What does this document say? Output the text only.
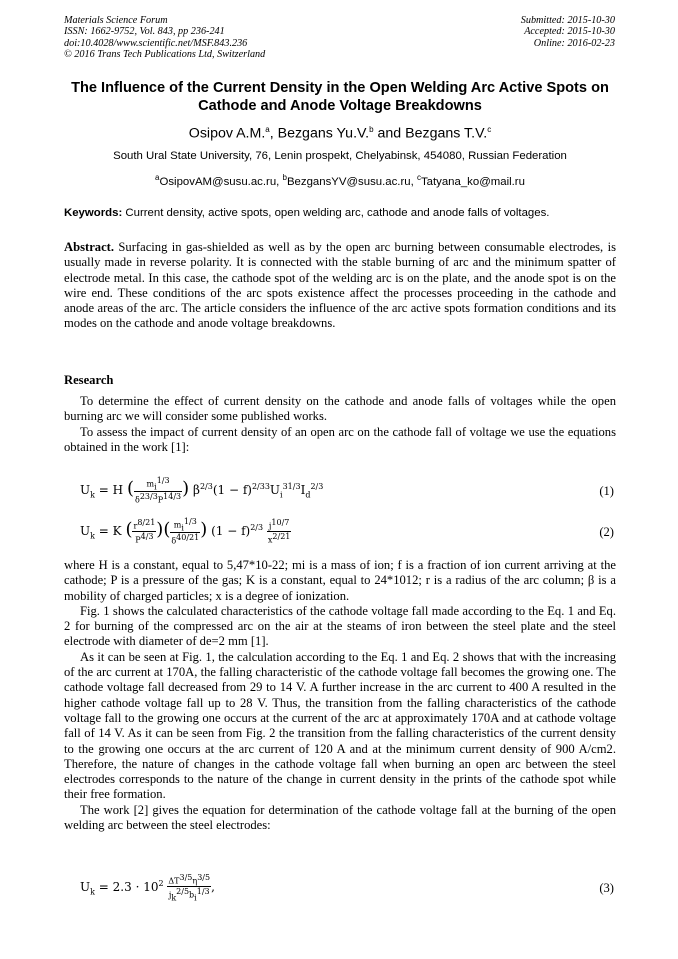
Materials Science Forum
ISSN: 1662-9752, Vol. 843, pp 236-241
doi:10.4028/www.scientific.net/MSF.843.236
© 2016 Trans Tech Publications Ltd, Switzerland
Submitted: 2015-10-30
Accepted: 2015-10-30
Online: 2016-02-23
The Influence of the Current Density in the Open Welding Arc Active Spots on Cathode and Anode Voltage Breakdowns
Osipov A.M.$^a$, Bezgans Yu.V.$^b$ and Bezgans T.V.$^c$
South Ural State University, 76, Lenin prospekt, Chelyabinsk, 454080, Russian Federation
$^a$OsipovAM@susu.ac.ru, $^b$BezgansYV@susu.ac.ru, $^c$Tatyana_ko@mail.ru
Keywords: Current density, active spots, open welding arc, cathode and anode falls of voltages.
Abstract. Surfacing in gas-shielded as well as by the open arc burning between consumable electrodes, is usually made in reverse polarity. It is connected with the stable burning of arc and the minimum spatter of electrode metal. In this case, the cathode spot of the welding arc is on the plate, and the anode spot is on the wire end. These conditions of the arc spots existence affect the processes proceeding in the cathode and anode areas of the arc. The article considers the influence of the arc active spots formation conditions and its modes on the cathode and anode voltage breakdowns.
Research

To determine the effect of current density on the cathode and anode falls of voltages while the open burning arc we will consider some published works.

To assess the impact of current density of an open arc on the cathode fall of voltage we use the equations obtained in the work [1]:

$U_k = H$ ( $\frac{m_i^{1/3}}{\delta^{23/3}P^{14/3}}$ ) $\beta^{2/3}(1 - f)^{2/33}U_i^{31/3}I_d^{2/3}$	(1)
$U_k = K$ ( $\frac{r^{8/21}}{P^{4/3}}$ )( $\frac{m_i^{1/3}}{\delta^{40/21}}$ ) $(1 - f)^{2/3} \frac{j^{10/7}}{x^{2/21}}$	(2)

where H is a constant, equal to 5,47*10-22; mi is a mass of ion; f is a fraction of ion current arriving at the cathode; P is a pressure of the gas; K is a constant, equal to 24*1012; r is a radius of the arc column; β is a mobility of charged particles; x is a degree of ionization.

Fig. 1 shows the calculated characteristics of the cathode voltage fall made according to the Eq. 1 and Eq. 2 for burning of the compressed arc on the air at the steams of iron between the steel plate and the steel electrode with diameter of de=2 mm [1].

As it can be seen at Fig. 1, the calculation according to the Eq. 1 and Eq. 2 shows that with the increasing of the arc current at 170A, the falling characteristic of the cathode voltage fall becomes the growing one. The cathode voltage fall decreased from 29 to 14 V. A further increase in the arc current to 400 A resulted in the higher cathode voltage fall up to 28 V. Thus, the transition from the falling characteristics of the cathode voltage fall to the growing one occurs at the current of the arc at approximately 170A and at cathode voltage fall of 14 V. As it can be seen from Fig. 2 the transition from the falling characteristics of the current density to the growing one occurs at the arc current of 120 A and at the minimum current density of 900 A/cm2. Therefore, the nature of changes in the cathode voltage fall when burning an open arc between the steel electrodes corresponds to the nature of the change in current density in the prints of the cathode spot while their free formation.

The work [2] gives the equation for determination of the cathode voltage fall at the burning of the open welding arc between the steel electrodes:

$U_k = 2.3 \cdot 10^2 \frac{\Delta T^{3/5}\eta^{3/5}}{j_k^{2/5}b_i^{1/3}}$ ,	(3)
